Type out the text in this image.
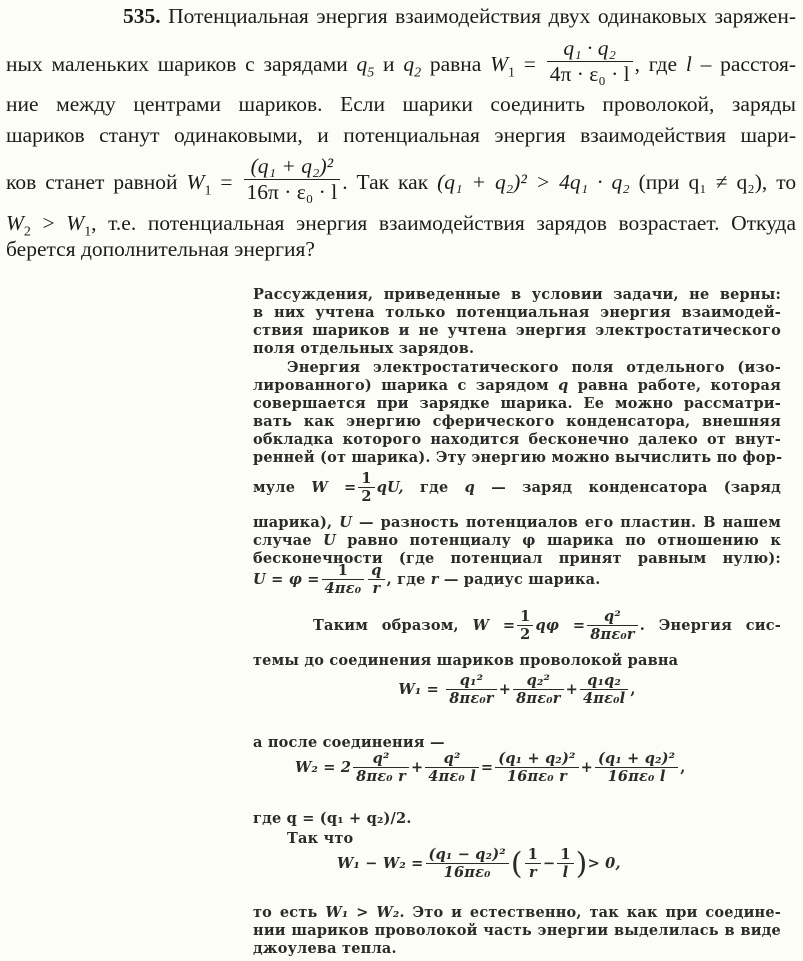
535. Потенциальная энергия взаимодействия двух одинаковых заряжен-
ных маленьких шариков с зарядами $q_5$ и $q_2$ равна $W_1 = \frac{\text{q₁ · q₂}}{\text{4π · ε₀ · l}}$ , где l – расстоя-
ние между центрами шариков. Если шарики соединить проволокой, заряды
шариков станут одинаковыми, и потенциальная энергия взаимодействия шари-
ков станет равной $W_1 = \frac{\text{(q₁ + q₂)²}}{\text{16π · ε₀ · l}}$ . Так как (q₁ + q₂)² > 4q₁ · q₂ (при q₁ ≠ q₂), то
$W_2 > W_1$, т.е. потенциальная энергия взаимодействия зарядов возрастает. Откуда
берется дополнительная энергия?
Рассуждения, приведенные в условии задачи, не верны:
в них учтена только потенциальная энергия взаимодей-
ствия шариков и не учтена энергия электростатического
поля отдельных зарядов.
Энергия электростатического поля отдельного (изо-
лированного) шарика с зарядом q равна работе, которая
совершается при зарядке шарика. Ее можно рассматри-
вать как энергию сферического конденсатора, внешняя
обкладка которого находится бесконечно далеко от внут-
ренней (от шарика). Эту энергию можно вычислить по фор-
муле $W = \frac{1}{2}$ qU, где q — заряд конденсатора (заряд
шарика), U — разность потенциалов его пластин. В нашем
случае U равно потенциалу φ шарика по отношению к
бесконечности (где потенциал принят равным нулю):
$U = \varphi = \frac{1}{\text{4πε₀}} \frac{q}{r}$ , где r — радиус шарика.
Таким образом, $W = \frac{1}{2}$ $q\varphi = \frac{\text{q²}}{\text{8πε₀r}}$ . Энергия сис-
темы до соединения шариков проволокой равна
$W_1 = \frac{\text{q₁²}}{\text{8πε₀r}} + \frac{\text{q₂²}}{\text{8πε₀r}} + \frac{\text{q₁q₂}}{\text{4πε₀l}}$ ,
а после соединения —
$W_2 = 2 \frac{\text{q²}}{\text{8πε₀ r}} + \frac{\text{q²}}{\text{4πε₀ l}} = \frac{\text{(q₁ + q₂)²}}{\text{16πε₀ r}} + \frac{\text{(q₁ + q₂)²}}{\text{16πε₀ l}}$ ,
где q = (q₁ + q₂)/2.
Так что
$W_1 - W_2 = \frac{\text{(q₁ − q₂)²}}{\text{16πε₀}}$ ( $\frac{1}{r} - \frac{1}{l}$ )> 0,
то есть W₁ > W₂. Это и естественно, так как при соедине-
нии шариков проволокой часть энергии выделилась в виде
джоулева тепла.
